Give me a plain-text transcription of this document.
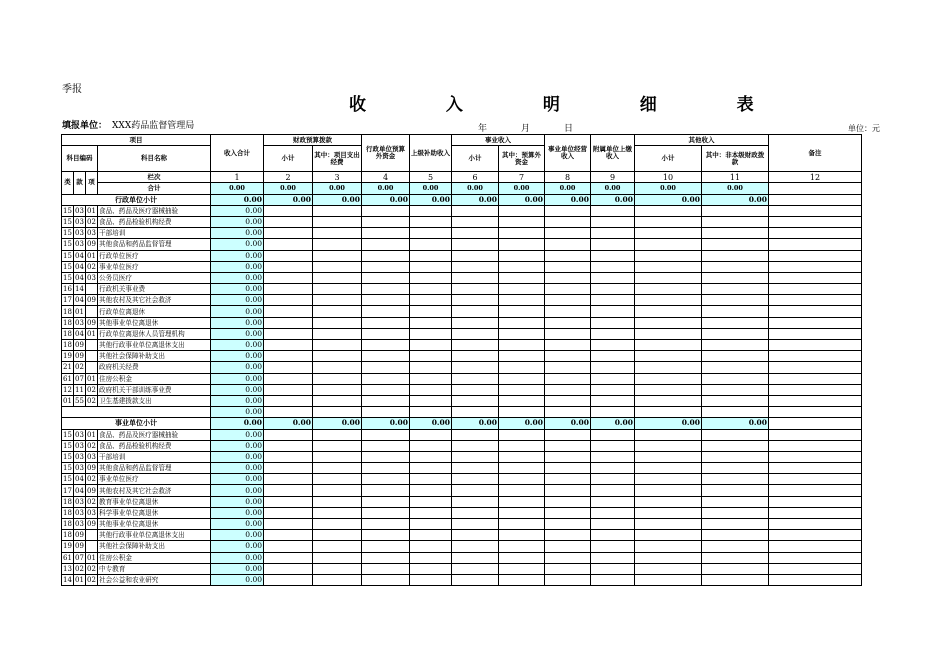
季报
收 入 明 细 表
填报单位： XXX药品监督管理局	年	月	日	单位：元
项目				收入合计	财政预算拨款		行政单位预算外资金	上级补助收入	事业收入		事业单位经营收入	附属单位上缴收入	其他收入		备注
科目编码			科目名称		小计	其中：项目支出经费			小计	其中：预算外资金			小计	其中：非本级财政拨款	
类	款	项	栏次	1	2	3	4	5	6	7	8	9	10	11	12
			合计	0.00	0.00	0.00	0.00	0.00	0.00	0.00	0.00	0.00	0.00	0.00	
行政单位小计				0.00	0.00	0.00	0.00	0.00	0.00	0.00	0.00	0.00	0.00	0.00	
15	03	01	食品、药品及医疗器械抽验	0.00											
15	03	02	食品、药品检验机构经费	0.00											
15	03	03	干部培训	0.00											
15	03	09	其他食品和药品监督管理	0.00											
15	04	01	行政单位医疗	0.00											
15	04	02	事业单位医疗	0.00											
15	04	03	公务员医疗	0.00											
16	14		行政机关事业费	0.00											
17	04	09	其他农村及其它社会救济	0.00											
18	01		行政单位离退休	0.00											
18	03	09	其他事业单位离退休	0.00											
18	04	01	行政单位离退休人员管理机构	0.00											
18	09		其他行政事业单位离退休支出	0.00											
19	09		其他社会保障补助支出	0.00											
21	02		政府机关经费	0.00											
61	07	01	住房公积金	0.00											
12	11	02	政府机关干部训练事业费	0.00											
01	55	02	卫生基建拨款支出	0.00											
				0.00											
事业单位小计				0.00	0.00	0.00	0.00	0.00	0.00	0.00	0.00	0.00	0.00	0.00	
15	03	01	食品、药品及医疗器械抽验	0.00											
15	03	02	食品、药品检验机构经费	0.00											
15	03	03	干部培训	0.00											
15	03	09	其他食品和药品监督管理	0.00											
15	04	02	事业单位医疗	0.00											
17	04	09	其他农村及其它社会救济	0.00											
18	03	02	教育事业单位离退休	0.00											
18	03	03	科学事业单位离退休	0.00											
18	03	09	其他事业单位离退休	0.00											
18	09		其他行政事业单位离退休支出	0.00											
19	09		其他社会保障补助支出	0.00											
61	07	01	住房公积金	0.00											
13	02	02	中专教育	0.00											
14	01	02	社会公益和农业研究	0.00											
